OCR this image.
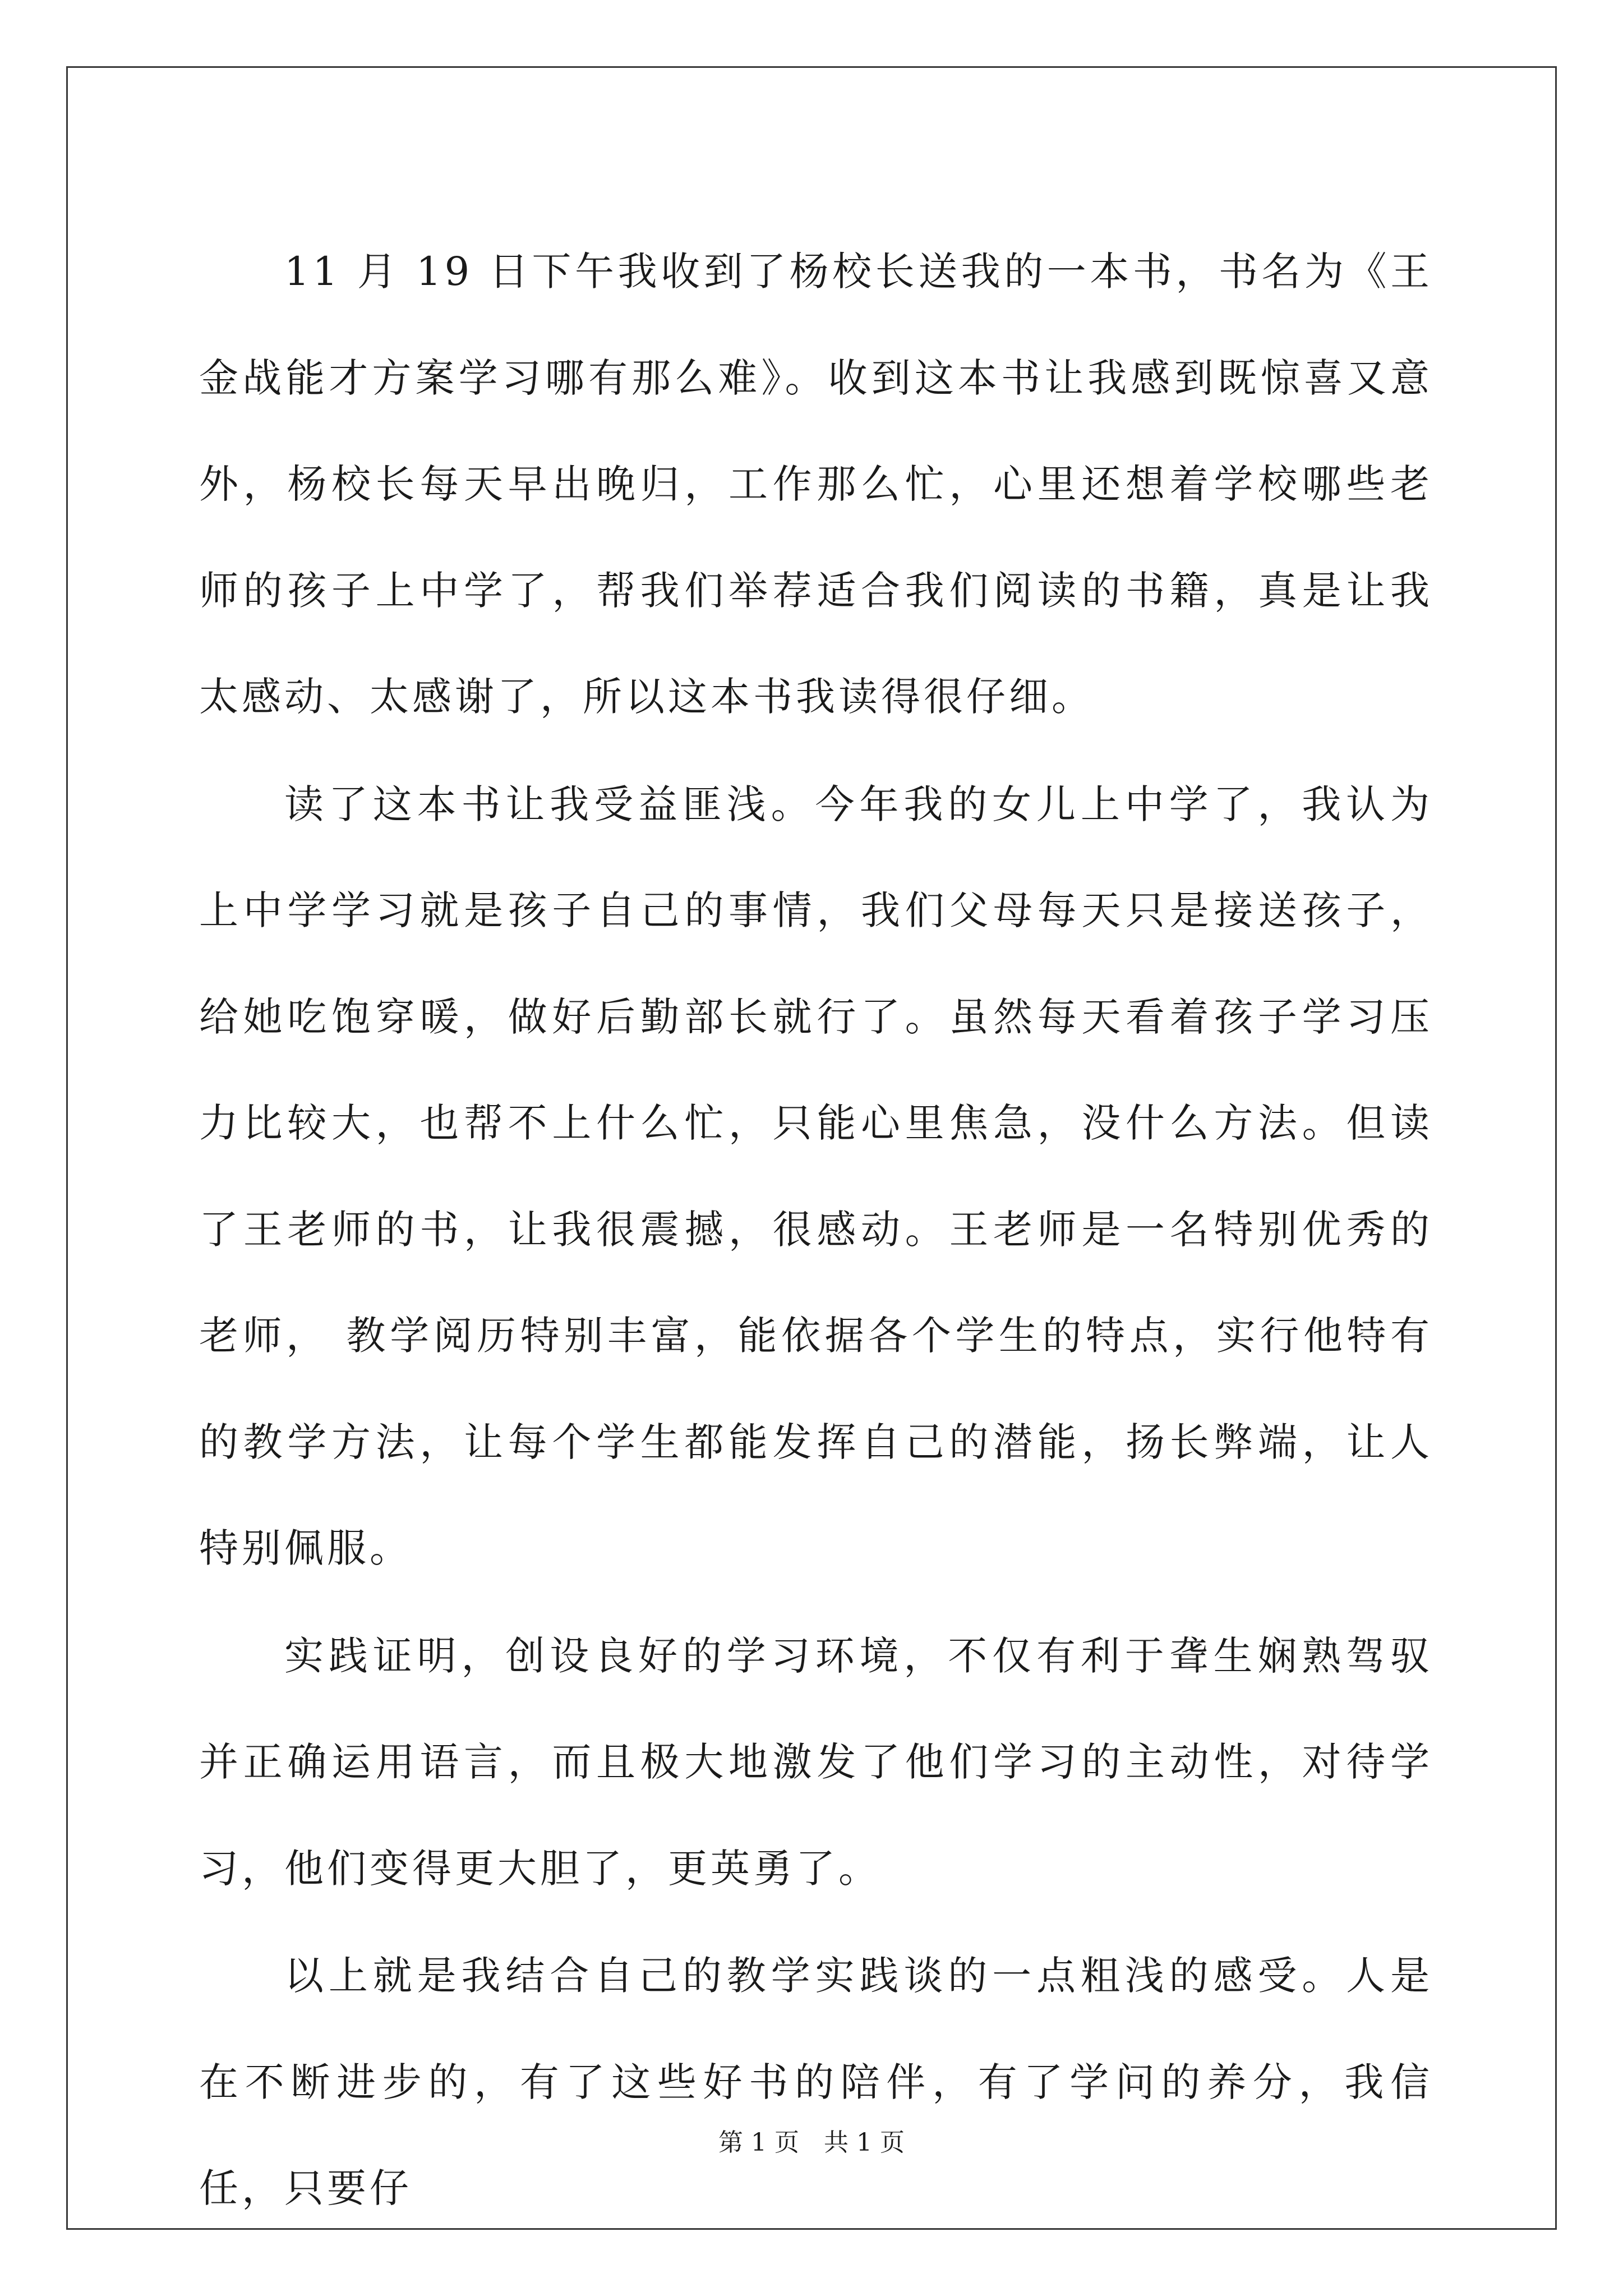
11 月 19 日下午我收到了杨校长送我的一本书，书名为《王金战能才方案学习哪有那么难》。收到这本书让我感到既惊喜又意外，杨校长每天早出晚归，工作那么忙，心里还想着学校哪些老师的孩子上中学了，帮我们举荐适合我们阅读的书籍，真是让我太感动、太感谢了，所以这本书我读得很仔细。

读了这本书让我受益匪浅。今年我的女儿上中学了，我认为上中学学习就是孩子自己的事情，我们父母每天只是接送孩子，给她吃饱穿暖，做好后勤部长就行了。虽然每天看着孩子学习压力比较大，也帮不上什么忙，只能心里焦急，没什么方法。但读了王老师的书，让我很震撼，很感动。王老师是一名特别优秀的老师， 教学阅历特别丰富，能依据各个学生的特点，实行他特有的教学方法，让每个学生都能发挥自己的潜能，扬长弊端，让人特别佩服。

实践证明，创设良好的学习环境，不仅有利于聋生娴熟驾驭并正确运用语言，而且极大地激发了他们学习的主动性，对待学习，他们变得更大胆了，更英勇了。

以上就是我结合自己的教学实践谈的一点粗浅的感受。人是在不断进步的，有了这些好书的陪伴，有了学问的养分，我信任，只要仔

第 1 页　共 1 页
